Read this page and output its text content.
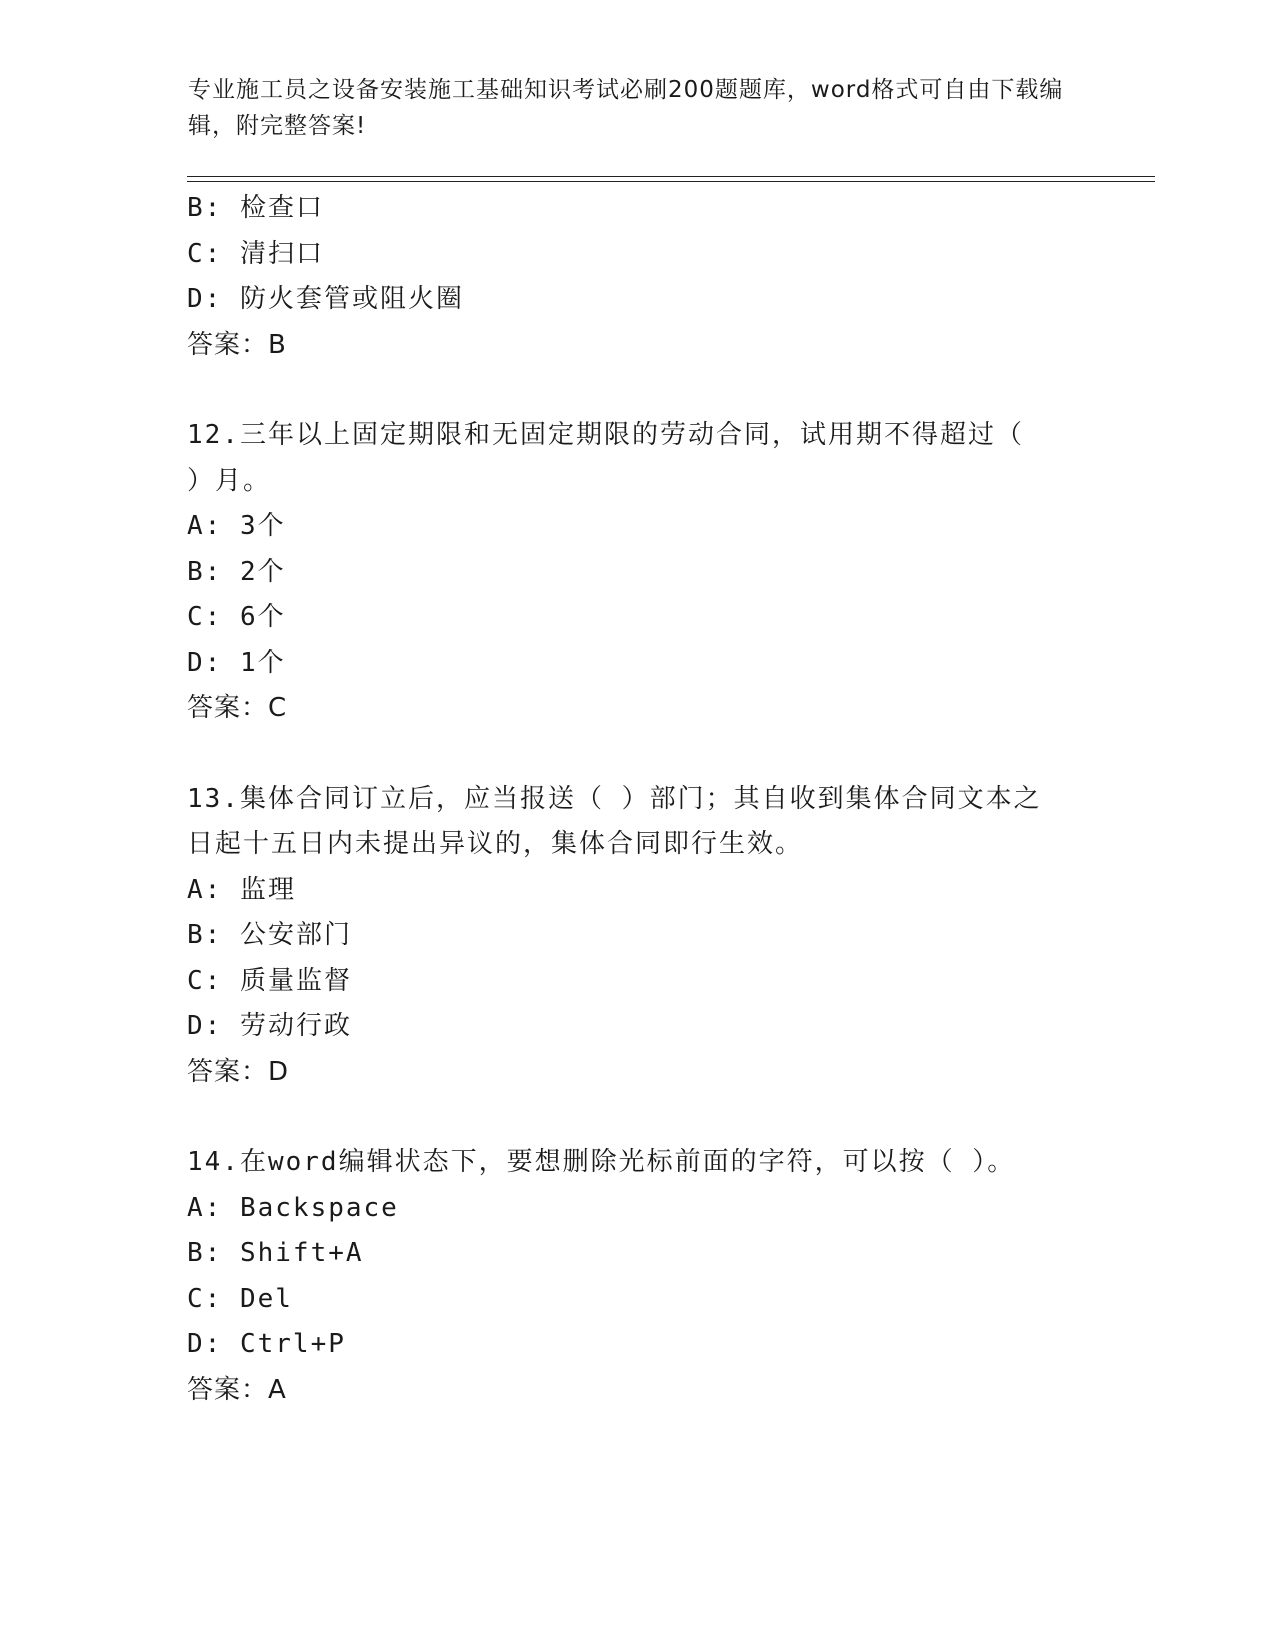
专业施工员之设备安装施工基础知识考试必刷200题题库，word格式可自由下载编辑，附完整答案!
B: 检查口
C: 清扫口
D: 防火套管或阻火圈
答案：B
12.三年以上固定期限和无固定期限的劳动合同，试用期不得超过（ ）月。
A: 3个
B: 2个
C: 6个
D: 1个
答案：C
13.集体合同订立后，应当报送（ ）部门；其自收到集体合同文本之日起十五日内未提出异议的，集体合同即行生效。
A: 监理
B: 公安部门
C: 质量监督
D: 劳动行政
答案：D
14.在word编辑状态下，要想删除光标前面的字符，可以按（ ）。
A: Backspace
B: Shift+A
C: Del
D: Ctrl+P
答案：A
